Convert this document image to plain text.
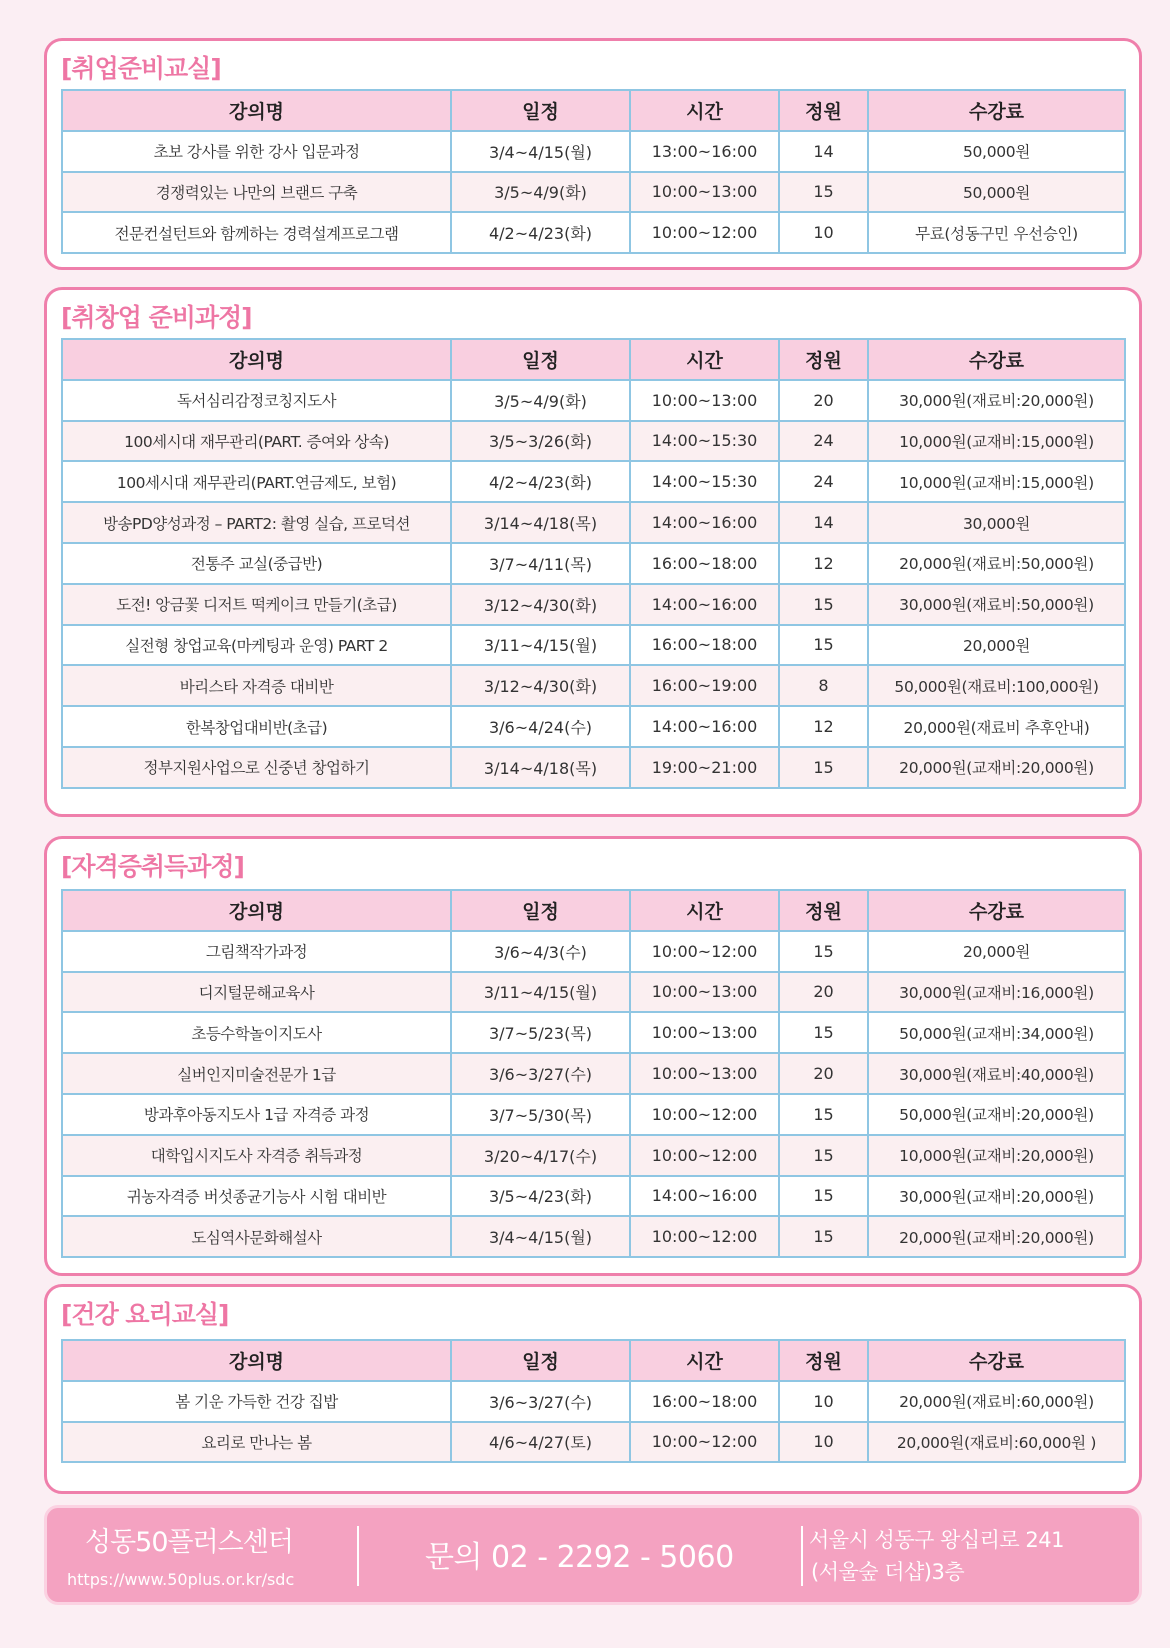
[취업준비교실]
강의명	일정	시간	정원	수강료
초보 강사를 위한 강사 입문과정	3/4~4/15(월)	13:00~16:00	14	50,000원
경쟁력있는 나만의 브랜드 구축	3/5~4/9(화)	10:00~13:00	15	50,000원
전문컨설턴트와 함께하는 경력설계프로그램	4/2~4/23(화)	10:00~12:00	10	무료(성동구민 우선승인)
[취창업 준비과정]
강의명	일정	시간	정원	수강료
독서심리감정코칭지도사	3/5~4/9(화)	10:00~13:00	20	30,000원(재료비:20,000원)
100세시대 재무관리(PART. 증여와 상속)	3/5~3/26(화)	14:00~15:30	24	10,000원(교재비:15,000원)
100세시대 재무관리(PART.연금제도, 보험)	4/2~4/23(화)	14:00~15:30	24	10,000원(교재비:15,000원)
방송PD양성과정 – PART2: 촬영 실습, 프로덕션	3/14~4/18(목)	14:00~16:00	14	30,000원
전통주 교실(중급반)	3/7~4/11(목)	16:00~18:00	12	20,000원(재료비:50,000원)
도전! 앙금꽃 디저트 떡케이크 만들기(초급)	3/12~4/30(화)	14:00~16:00	15	30,000원(재료비:50,000원)
실전형 창업교육(마케팅과 운영) PART 2	3/11~4/15(월)	16:00~18:00	15	20,000원
바리스타 자격증 대비반	3/12~4/30(화)	16:00~19:00	8	50,000원(재료비:100,000원)
한복창업대비반(초급)	3/6~4/24(수)	14:00~16:00	12	20,000원(재료비 추후안내)
정부지원사업으로 신중년 창업하기	3/14~4/18(목)	19:00~21:00	15	20,000원(교재비:20,000원)
[자격증취득과정]
강의명	일정	시간	정원	수강료
그림책작가과정	3/6~4/3(수)	10:00~12:00	15	20,000원
디지털문해교육사	3/11~4/15(월)	10:00~13:00	20	30,000원(교재비:16,000원)
초등수학놀이지도사	3/7~5/23(목)	10:00~13:00	15	50,000원(교재비:34,000원)
실버인지미술전문가 1급	3/6~3/27(수)	10:00~13:00	20	30,000원(재료비:40,000원)
방과후아동지도사 1급 자격증 과정	3/7~5/30(목)	10:00~12:00	15	50,000원(교재비:20,000원)
대학입시지도사 자격증 취득과정	3/20~4/17(수)	10:00~12:00	15	10,000원(교재비:20,000원)
귀농자격증 버섯종균기능사 시험 대비반	3/5~4/23(화)	14:00~16:00	15	30,000원(교재비:20,000원)
도심역사문화해설사	3/4~4/15(월)	10:00~12:00	15	20,000원(교재비:20,000원)
[건강 요리교실]
강의명	일정	시간	정원	수강료
봄 기운 가득한 건강 집밥	3/6~3/27(수)	16:00~18:00	10	20,000원(재료비:60,000원)
요리로 만나는 봄	4/6~4/27(토)	10:00~12:00	10	20,000원(재료비:60,000원 )
성동50플러스센터
https://www.50plus.or.kr/sdc
문의 02 - 2292 - 5060	서울시 성동구 왕십리로 241
(서울숲 더샵)3층
